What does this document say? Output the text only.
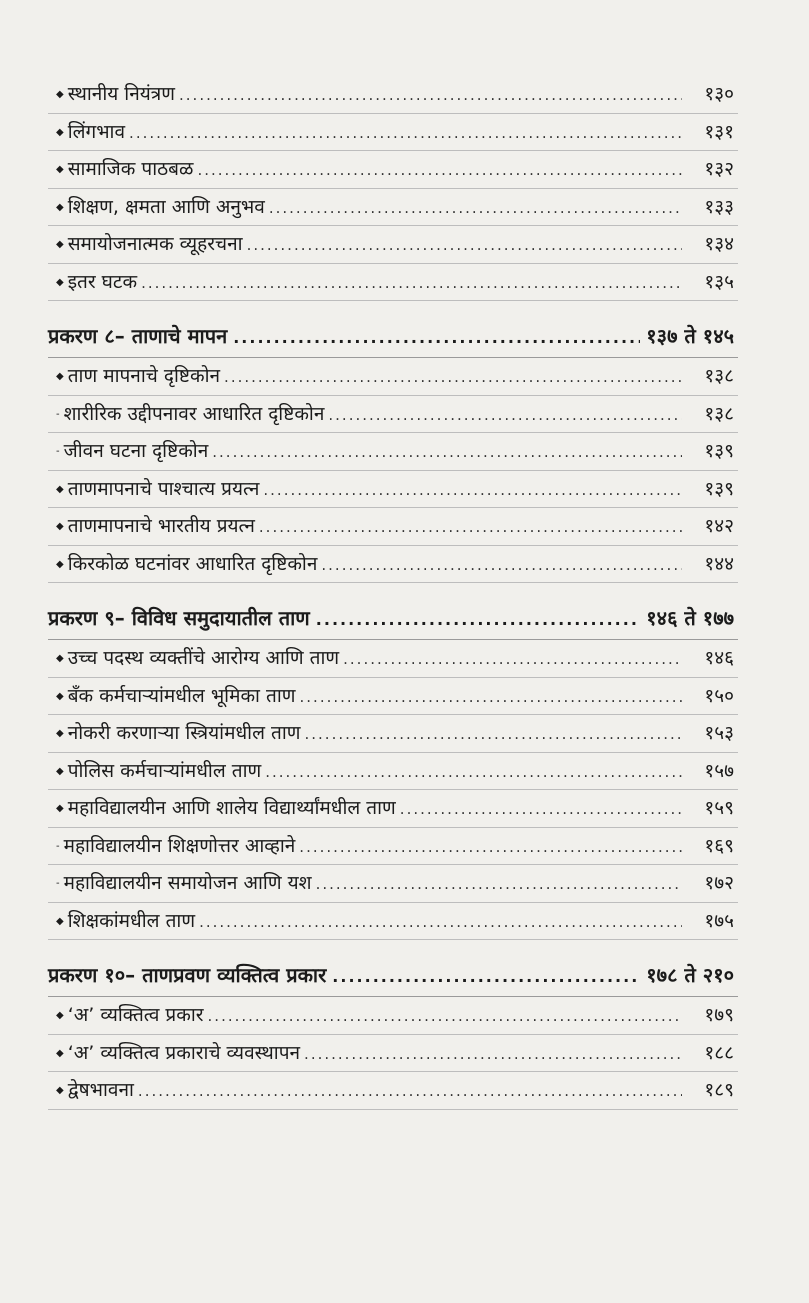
◆ स्थानीय नियंत्रण .....	१३०
◆ लिंगभाव .....	१३१
◆ सामाजिक पाठबळ .....	१३२
◆ शिक्षण, क्षमता आणि अनुभव .....	१३३
◆ समायोजनात्मक व्यूहरचना .....	१३४
◆ इतर घटक .....	१३५
प्रकरण ८– ताणाचे मापन .....	१३७ ते १४५
◆ ताण मापनाचे दृष्टिकोन .....	१३८
- शारीरिक उद्दीपनावर आधारित दृष्टिकोन .....	१३८
- जीवन घटना दृष्टिकोन .....	१३९
◆ ताणमापनाचे पाश्चात्य प्रयत्न .....	१३९
◆ ताणमापनाचे भारतीय प्रयत्न .....	१४२
◆ किरकोळ घटनांवर आधारित दृष्टिकोन .....	१४४
प्रकरण ९– विविध समुदायातील ताण .....	१४६ ते १७७
◆ उच्च पदस्थ व्यक्तींचे आरोग्य आणि ताण .....	१४६
◆ बँक कर्मचाऱ्यांमधील भूमिका ताण .....	१५०
◆ नोकरी करणाऱ्या स्त्रियांमधील ताण .....	१५३
◆ पोलिस कर्मचाऱ्यांमधील ताण .....	१५७
◆ महाविद्यालयीन आणि शालेय विद्यार्थ्यांमधील ताण .....	१५९
- महाविद्यालयीन शिक्षणोत्तर आव्हाने .....	१६९
- महाविद्यालयीन समायोजन आणि यश .....	१७२
◆ शिक्षकांमधील ताण .....	१७५
प्रकरण १०– ताणप्रवण व्यक्तित्व प्रकार .....	१७८ ते २१०
◆ ‘अ’ व्यक्तित्व प्रकार .....	१७९
◆ ‘अ’ व्यक्तित्व प्रकाराचे व्यवस्थापन .....	१८८
◆ द्वेषभावना .....	१८९
